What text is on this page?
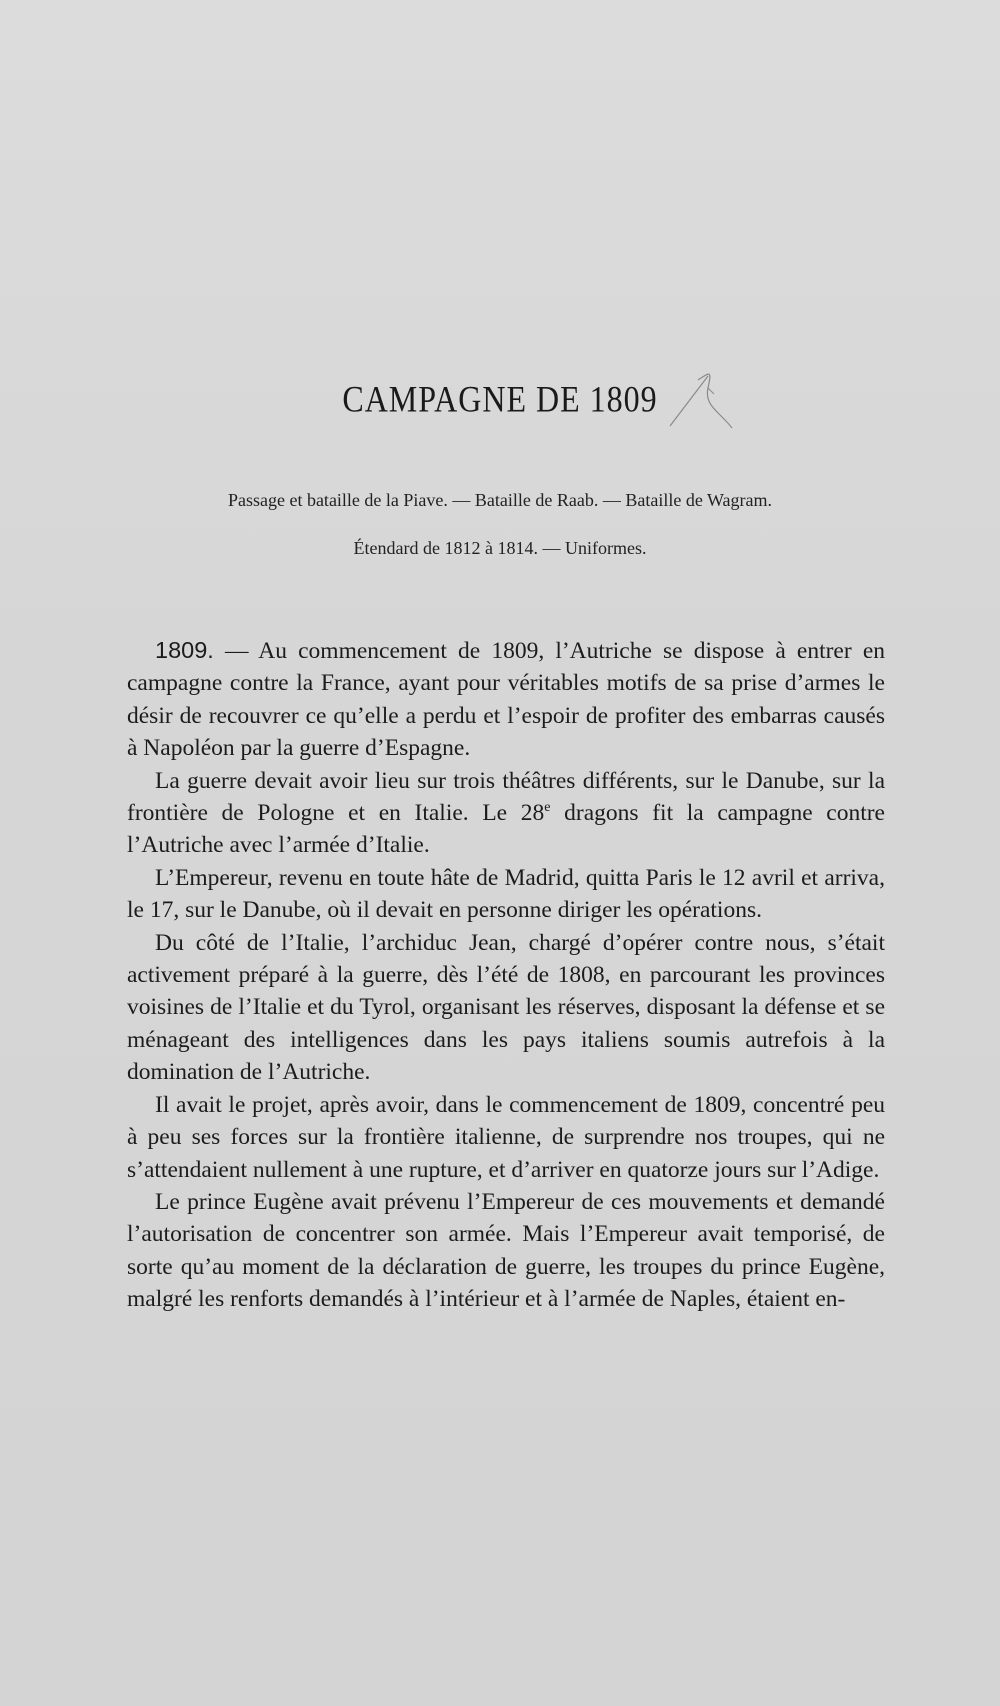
CAMPAGNE DE 1809
Passage et bataille de la Piave. — Bataille de Raab. — Bataille de Wagram.
Étendard de 1812 à 1814. — Uniformes.

1809. — Au commencement de 1809, l’Autriche se dispose à entrer en campagne contre la France, ayant pour véritables motifs de sa prise d’armes le désir de recouvrer ce qu’elle a perdu et l’espoir de profiter des embarras causés à Napoléon par la guerre d’Espagne.

La guerre devait avoir lieu sur trois théâtres différents, sur le Danube, sur la frontière de Pologne et en Italie. Le 28e dragons fit la campagne contre l’Autriche avec l’armée d’Italie.

L’Empereur, revenu en toute hâte de Madrid, quitta Paris le 12 avril et arriva, le 17, sur le Danube, où il devait en personne diriger les opérations.

Du côté de l’Italie, l’archiduc Jean, chargé d’opérer contre nous, s’était activement préparé à la guerre, dès l’été de 1808, en parcourant les provinces voisines de l’Italie et du Tyrol, organisant les réserves, disposant la défense et se ménageant des intelligences dans les pays italiens soumis autrefois à la domination de l’Autriche.

Il avait le projet, après avoir, dans le commencement de 1809, concentré peu à peu ses forces sur la frontière italienne, de surprendre nos troupes, qui ne s’attendaient nullement à une rupture, et d’arriver en quatorze jours sur l’Adige.

Le prince Eugène avait prévenu l’Empereur de ces mouvements et demandé l’autorisation de concentrer son armée. Mais l’Empereur avait temporisé, de sorte qu’au moment de la déclaration de guerre, les troupes du prince Eugène, malgré les renforts demandés à l’intérieur et à l’armée de Naples, étaient en-
